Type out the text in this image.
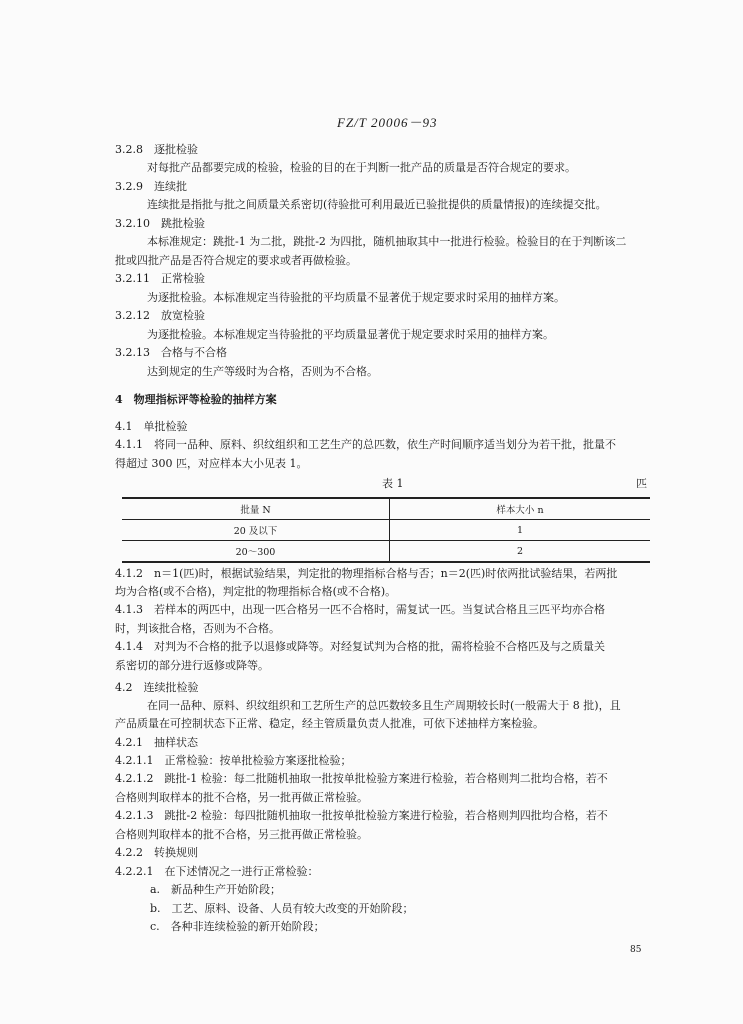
FZ/T 20006－93
3.2.8　逐批检验
对每批产品都要完成的检验，检验的目的在于判断一批产品的质量是否符合规定的要求。
3.2.9　连续批
连续批是指批与批之间质量关系密切(待验批可利用最近已验批提供的质量情报)的连续提交批。
3.2.10　跳批检验
本标准规定：跳批-1 为二批，跳批-2 为四批，随机抽取其中一批进行检验。检验目的在于判断该二
批或四批产品是否符合规定的要求或者再做检验。
3.2.11　正常检验
为逐批检验。本标准规定当待验批的平均质量不显著优于规定要求时采用的抽样方案。
3.2.12　放宽检验
为逐批检验。本标准规定当待验批的平均质量显著优于规定要求时采用的抽样方案。
3.2.13　合格与不合格
达到规定的生产等级时为合格，否则为不合格。
4　物理指标评等检验的抽样方案
4.1　单批检验
4.1.1　将同一品种、原料、织纹组织和工艺生产的总匹数，依生产时间顺序适当划分为若干批，批量不
得超过 300 匹，对应样本大小见表 1。
表 1	匹
批量 N	样本大小 n
20 及以下	1
20～300	2
4.1.2　n＝1(匹)时，根据试验结果，判定批的物理指标合格与否；n＝2(匹)时依两批试验结果，若两批
均为合格(或不合格)，判定批的物理指标合格(或不合格)。
4.1.3　若样本的两匹中，出现一匹合格另一匹不合格时，需复试一匹。当复试合格且三匹平均亦合格
时，判该批合格，否则为不合格。
4.1.4　对判为不合格的批予以退修或降等。对经复试判为合格的批，需将检验不合格匹及与之质量关
系密切的部分进行返修或降等。
4.2　连续批检验
在同一品种、原料、织纹组织和工艺所生产的总匹数较多且生产周期较长时(一般需大于 8 批)，且
产品质量在可控制状态下正常、稳定，经主管质量负责人批准，可依下述抽样方案检验。
4.2.1　抽样状态
4.2.1.1　正常检验：按单批检验方案逐批检验；
4.2.1.2　跳批-1 检验：每二批随机抽取一批按单批检验方案进行检验，若合格则判二批均合格，若不
合格则判取样本的批不合格，另一批再做正常检验。
4.2.1.3　跳批-2 检验：每四批随机抽取一批按单批检验方案进行检验，若合格则判四批均合格，若不
合格则判取样本的批不合格，另三批再做正常检验。
4.2.2　转换规则
4.2.2.1　在下述情况之一进行正常检验：
a.　新品种生产开始阶段；
b.　工艺、原料、设备、人员有较大改变的开始阶段；
c.　各种非连续检验的新开始阶段；
85
